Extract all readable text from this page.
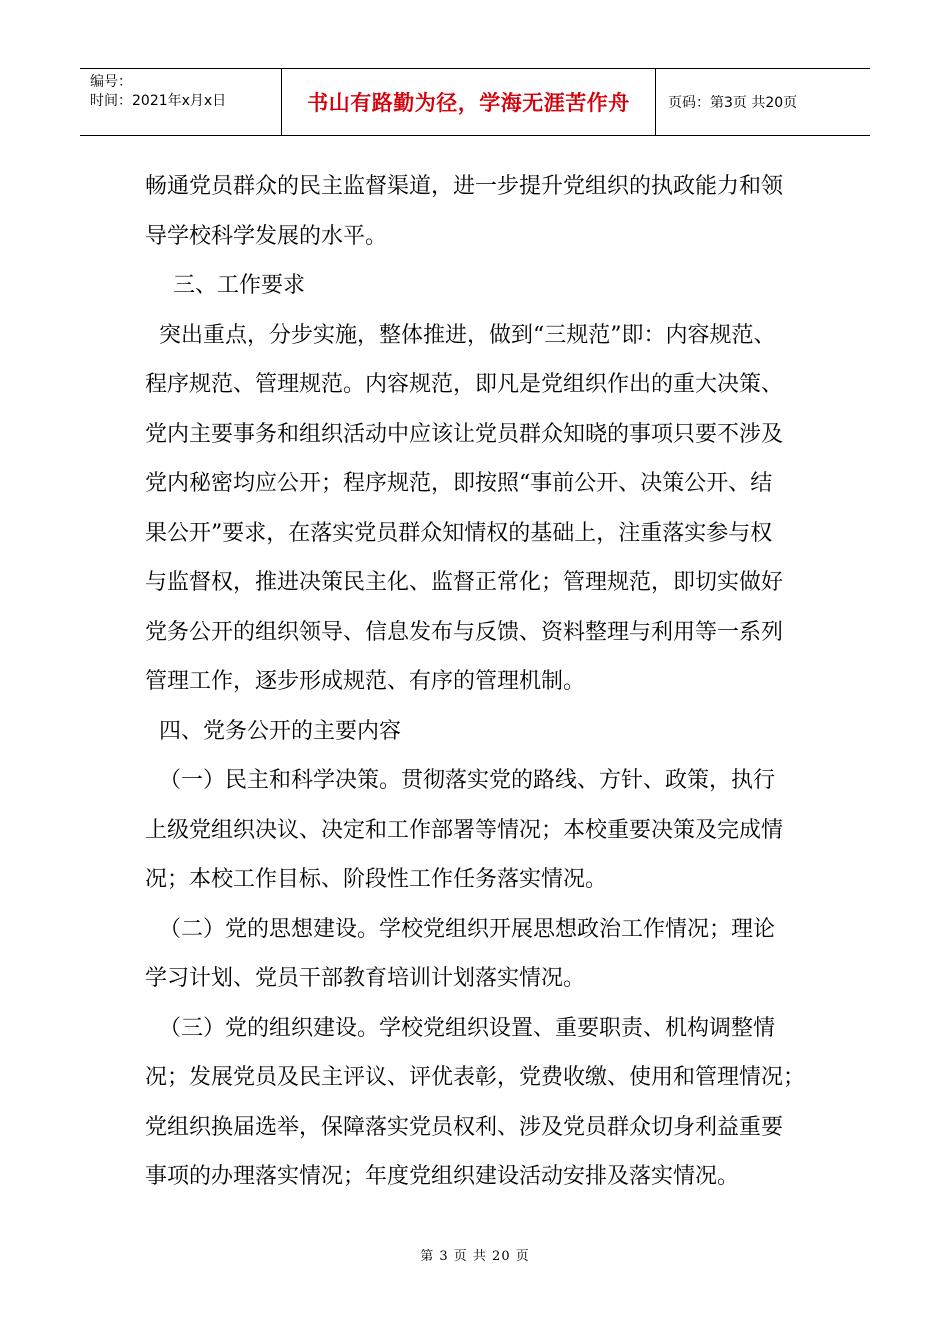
编号：
时间：2021年x月x日	书山有路勤为径，学海无涯苦作舟	页码：第3页 共20页

畅通党员群众的民主监督渠道，进一步提升党组织的执政能力和领

导学校科学发展的水平。

三、工作要求

突出重点，分步实施，整体推进，做到“三规范”即：内容规范、

程序规范、管理规范。内容规范，即凡是党组织作出的重大决策、

党内主要事务和组织活动中应该让党员群众知晓的事项只要不涉及

党内秘密均应公开；程序规范，即按照“事前公开、决策公开、结

果公开”要求，在落实党员群众知情权的基础上，注重落实参与权

与监督权，推进决策民主化、监督正常化；管理规范，即切实做好

党务公开的组织领导、信息发布与反馈、资料整理与利用等一系列

管理工作，逐步形成规范、有序的管理机制。

四、党务公开的主要内容

（一）民主和科学决策。贯彻落实党的路线、方针、政策，执行

上级党组织决议、决定和工作部署等情况；本校重要决策及完成情

况；本校工作目标、阶段性工作任务落实情况。

（二）党的思想建设。学校党组织开展思想政治工作情况；理论

学习计划、党员干部教育培训计划落实情况。

（三）党的组织建设。学校党组织设置、重要职责、机构调整情

况；发展党员及民主评议、评优表彰，党费收缴、使用和管理情况；

党组织换届选举，保障落实党员权利、涉及党员群众切身利益重要

事项的办理落实情况；年度党组织建设活动安排及落实情况。

第 3 页 共 20 页
